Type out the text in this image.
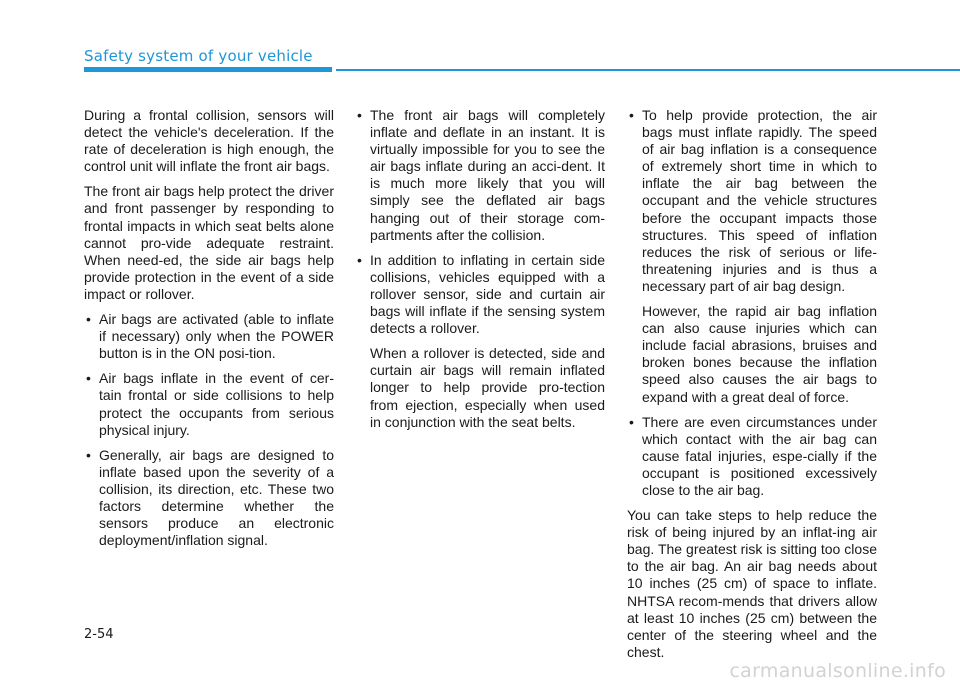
Safety system of your vehicle

During a frontal collision, sensors will detect the vehicle's deceleration. If the rate of deceleration is high enough, the control unit will inflate the front air bags.

The front air bags help protect the driver and front passenger by responding to frontal impacts in which seat belts alone cannot pro-vide adequate restraint. When need-ed, the side air bags help provide protection in the event of a side impact or rollover.

• Air bags are activated (able to inflate if necessary) only when the POWER button is in the ON posi-tion.

• Air bags inflate in the event of cer-tain frontal or side collisions to help protect the occupants from serious physical injury.

• Generally, air bags are designed to inflate based upon the severity of a collision, its direction, etc. These two factors determine whether the sensors produce an electronic deployment/inflation signal.

• The front air bags will completely inflate and deflate in an instant. It is virtually impossible for you to see the air bags inflate during an acci-dent. It is much more likely that you will simply see the deflated air bags hanging out of their storage com-partments after the collision.

• In addition to inflating in certain side collisions, vehicles equipped with a rollover sensor, side and curtain air bags will inflate if the sensing system detects a rollover.

When a rollover is detected, side and curtain air bags will remain inflated longer to help provide pro-tection from ejection, especially when used in conjunction with the seat belts.

• To help provide protection, the air bags must inflate rapidly. The speed of air bag inflation is a consequence of extremely short time in which to inflate the air bag between the occupant and the vehicle structures before the occupant impacts those structures. This speed of inflation reduces the risk of serious or life-threatening injuries and is thus a necessary part of air bag design.

However, the rapid air bag inflation can also cause injuries which can include facial abrasions, bruises and broken bones because the inflation speed also causes the air bags to expand with a great deal of force.

• There are even circumstances under which contact with the air bag can cause fatal injuries, espe-cially if the occupant is positioned excessively close to the air bag.

You can take steps to help reduce the risk of being injured by an inflat-ing air bag. The greatest risk is sitting too close to the air bag. An air bag needs about 10 inches (25 cm) of space to inflate. NHTSA recom-mends that drivers allow at least 10 inches (25 cm) between the center of the steering wheel and the chest.

2-54
carmanualsonline.info
